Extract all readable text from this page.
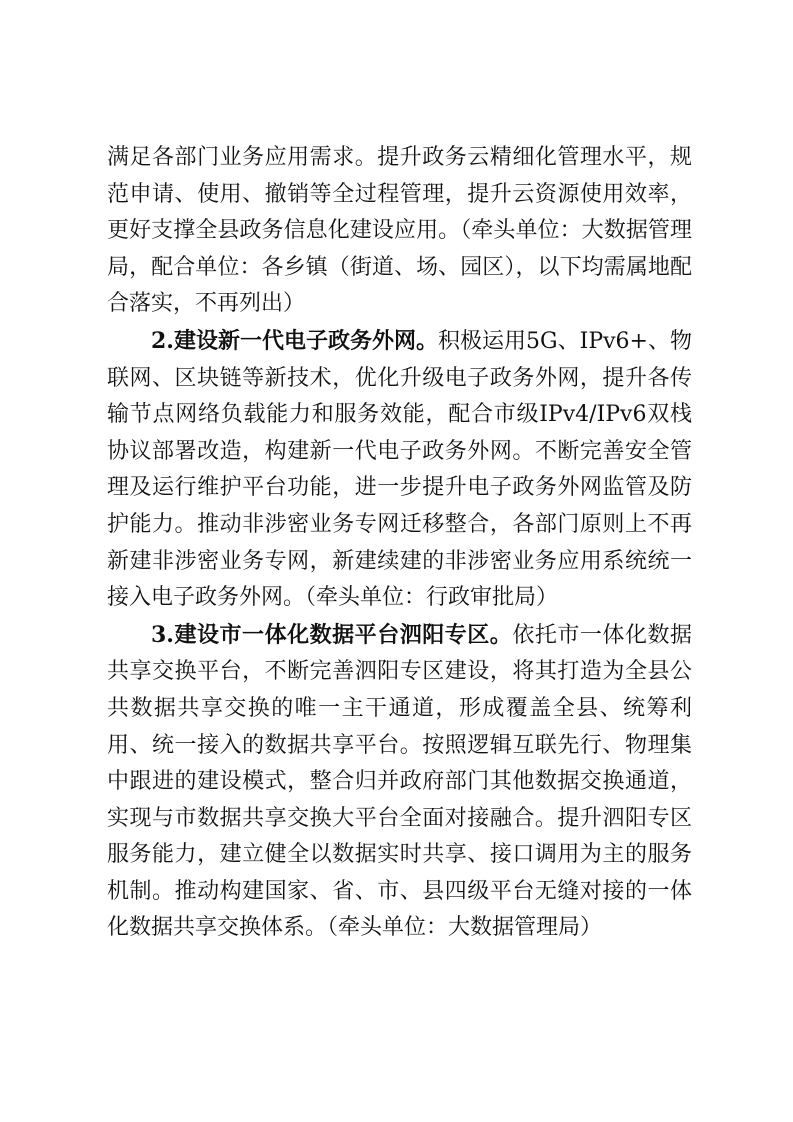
满足各部门业务应用需求。提升政务云精细化管理水平，规范申请、使用、撤销等全过程管理，提升云资源使用效率，更好支撑全县政务信息化建设应用。（牵头单位：大数据管理局，配合单位：各乡镇（街道、场、园区），以下均需属地配合落实，不再列出）

2.建设新一代电子政务外网。积极运用5G、IPv6+、物联网、区块链等新技术，优化升级电子政务外网，提升各传输节点网络负载能力和服务效能，配合市级IPv4/IPv6双栈协议部署改造，构建新一代电子政务外网。不断完善安全管理及运行维护平台功能，进一步提升电子政务外网监管及防护能力。推动非涉密业务专网迁移整合，各部门原则上不再新建非涉密业务专网，新建续建的非涉密业务应用系统统一接入电子政务外网。（牵头单位：行政审批局）

3.建设市一体化数据平台泗阳专区。依托市一体化数据共享交换平台，不断完善泗阳专区建设，将其打造为全县公共数据共享交换的唯一主干通道，形成覆盖全县、统筹利用、统一接入的数据共享平台。按照逻辑互联先行、物理集中跟进的建设模式，整合归并政府部门其他数据交换通道，实现与市数据共享交换大平台全面对接融合。提升泗阳专区服务能力，建立健全以数据实时共享、接口调用为主的服务机制。推动构建国家、省、市、县四级平台无缝对接的一体化数据共享交换体系。（牵头单位：大数据管理局）
